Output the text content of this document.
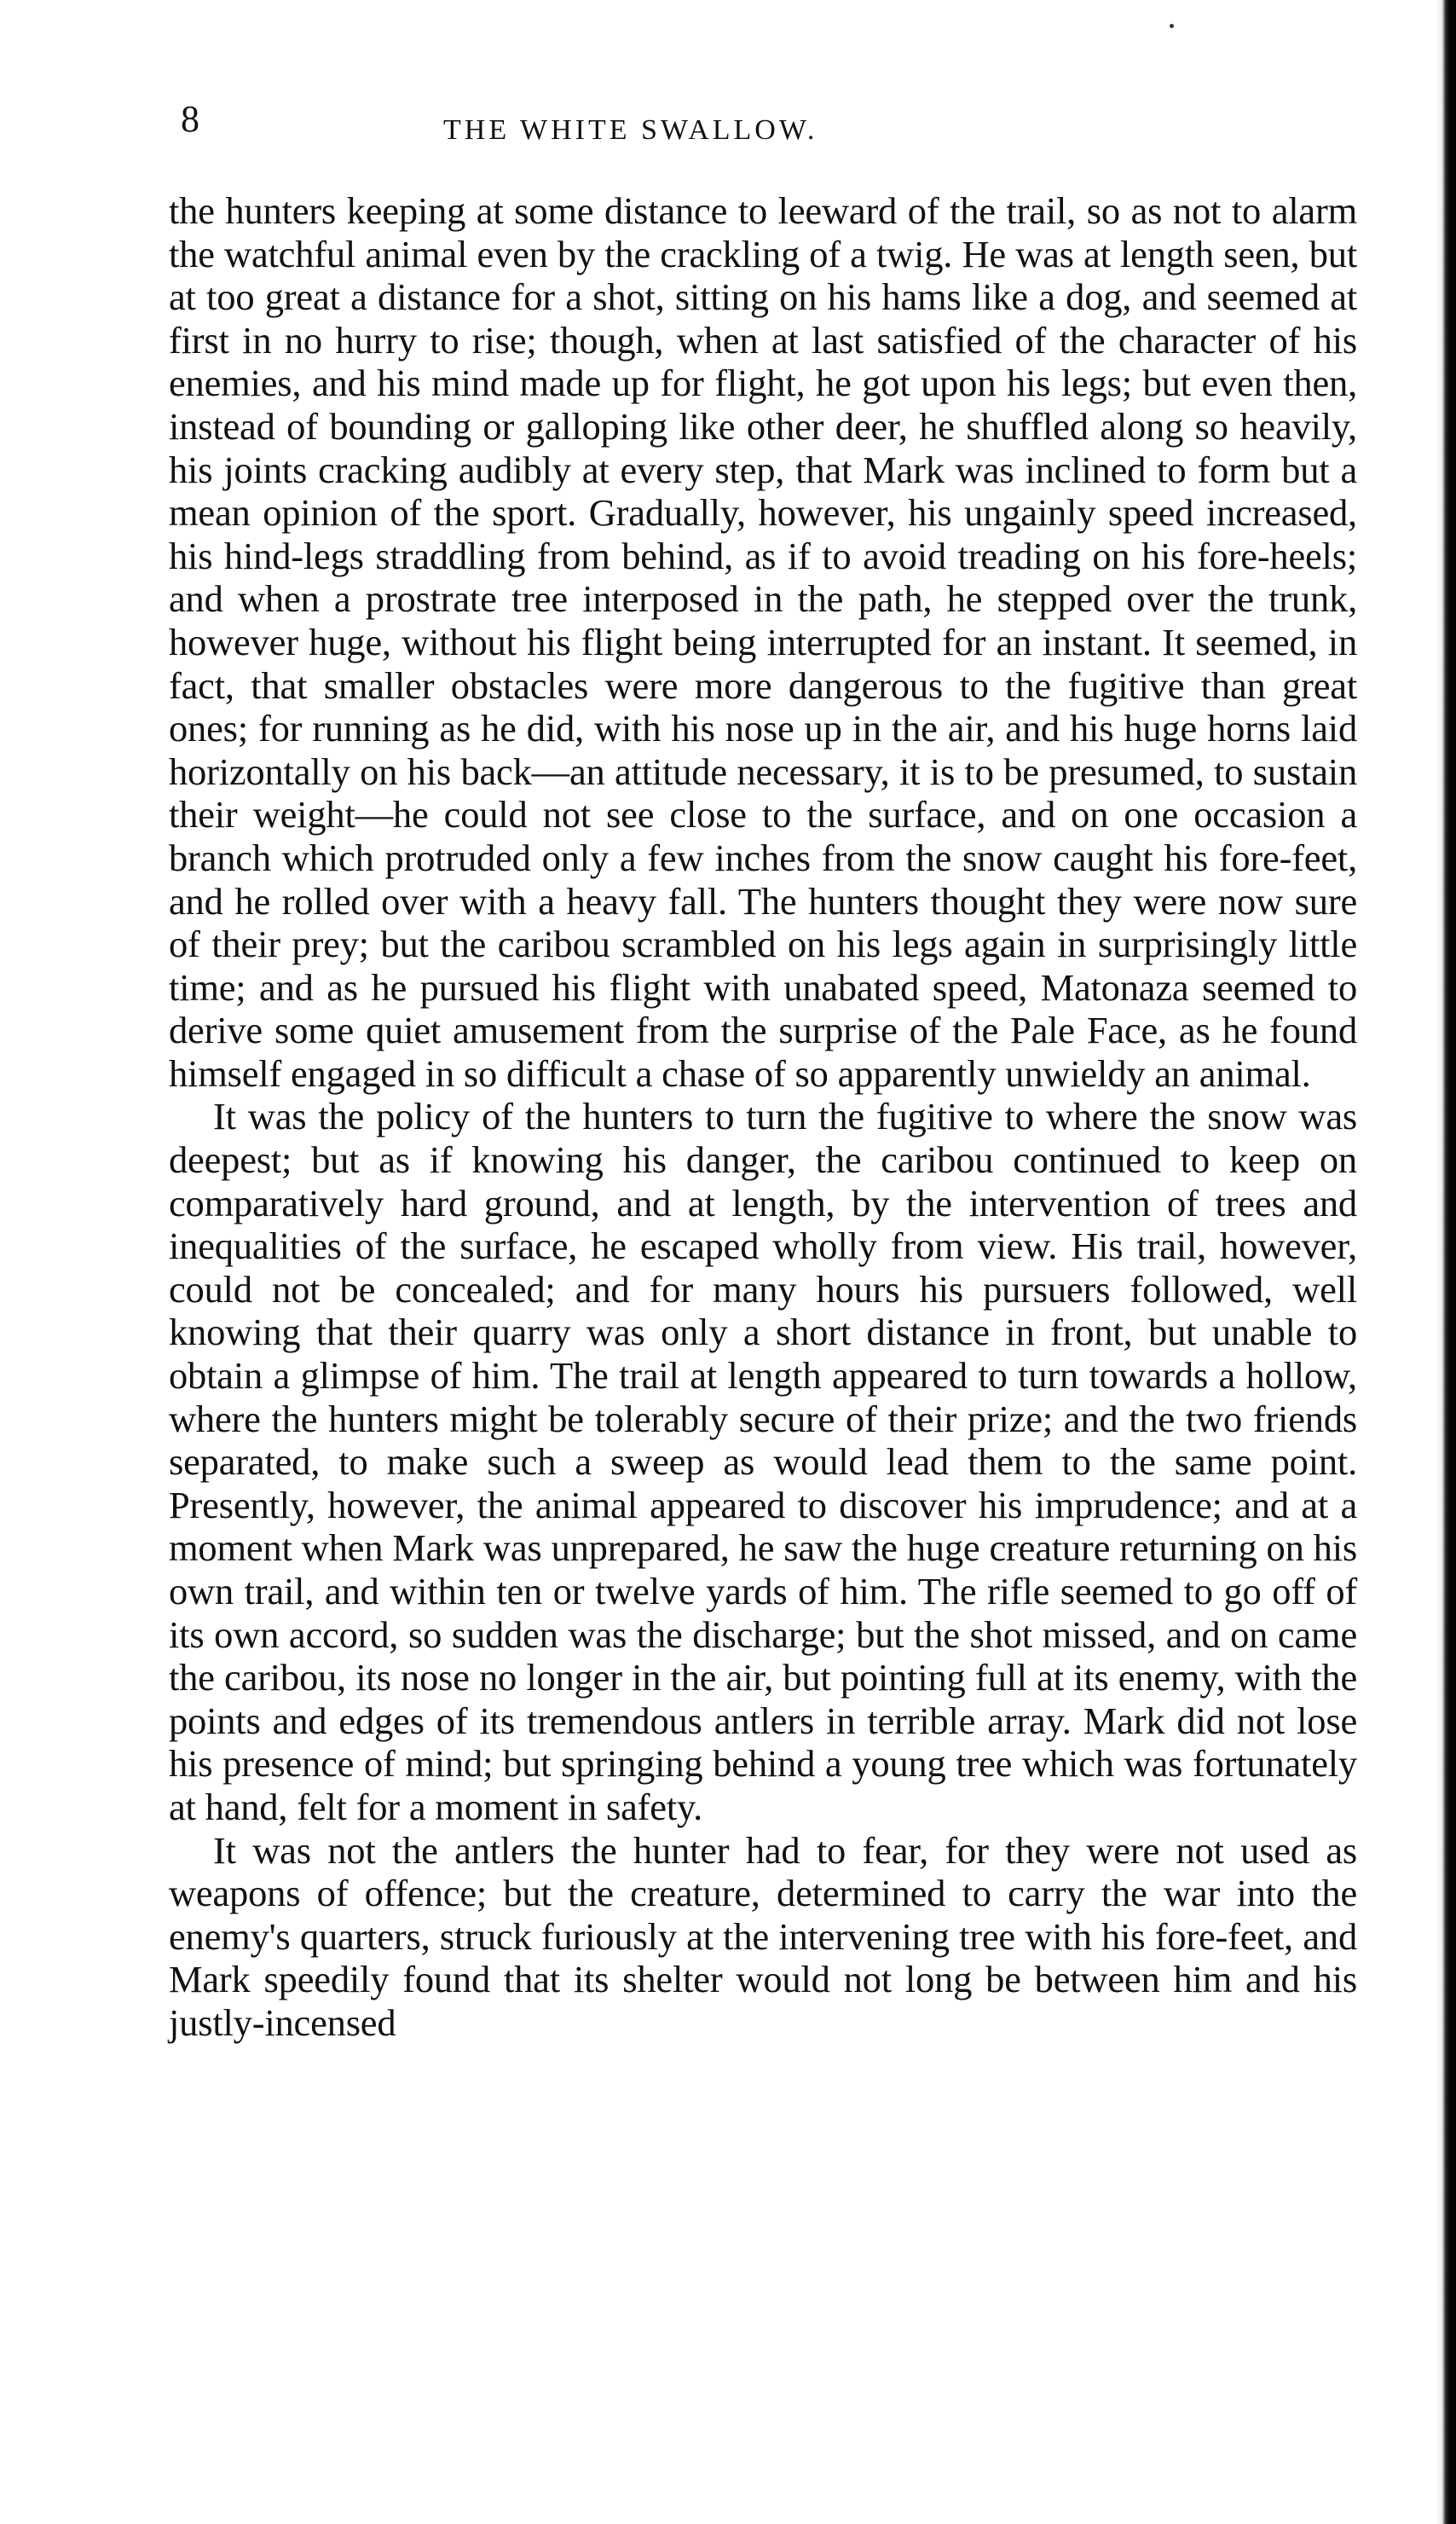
8	THE WHITE SWALLOW.

the hunters keeping at some distance to leeward of the trail, so as not to alarm the watchful animal even by the crackling of a twig. He was at length seen, but at too great a distance for a shot, sitting on his hams like a dog, and seemed at first in no hurry to rise; though, when at last satisfied of the character of his enemies, and his mind made up for flight, he got upon his legs; but even then, instead of bounding or galloping like other deer, he shuffled along so heavily, his joints cracking audibly at every step, that Mark was inclined to form but a mean opinion of the sport. Gradually, however, his ungainly speed increased, his hind-legs straddling from behind, as if to avoid treading on his fore-heels; and when a prostrate tree interposed in the path, he stepped over the trunk, however huge, without his flight being interrupted for an instant. It seemed, in fact, that smaller obstacles were more dangerous to the fugitive than great ones; for running as he did, with his nose up in the air, and his huge horns laid horizontally on his back—an attitude necessary, it is to be presumed, to sustain their weight—he could not see close to the surface, and on one occasion a branch which protruded only a few inches from the snow caught his fore-feet, and he rolled over with a heavy fall. The hunters thought they were now sure of their prey; but the caribou scrambled on his legs again in surprisingly little time; and as he pursued his flight with unabated speed, Matonaza seemed to derive some quiet amusement from the surprise of the Pale Face, as he found himself engaged in so difficult a chase of so apparently unwieldy an animal.

It was the policy of the hunters to turn the fugitive to where the snow was deepest; but as if knowing his danger, the caribou continued to keep on comparatively hard ground, and at length, by the intervention of trees and inequalities of the surface, he escaped wholly from view. His trail, however, could not be concealed; and for many hours his pursuers followed, well knowing that their quarry was only a short distance in front, but unable to obtain a glimpse of him. The trail at length appeared to turn towards a hollow, where the hunters might be tolerably secure of their prize; and the two friends separated, to make such a sweep as would lead them to the same point. Presently, however, the animal appeared to discover his imprudence; and at a moment when Mark was unprepared, he saw the huge creature returning on his own trail, and within ten or twelve yards of him. The rifle seemed to go off of its own accord, so sudden was the discharge; but the shot missed, and on came the caribou, its nose no longer in the air, but pointing full at its enemy, with the points and edges of its tremendous antlers in terrible array. Mark did not lose his presence of mind; but springing behind a young tree which was fortunately at hand, felt for a moment in safety.

It was not the antlers the hunter had to fear, for they were not used as weapons of offence; but the creature, determined to carry the war into the enemy's quarters, struck furiously at the intervening tree with his fore-feet, and Mark speedily found that its shelter would not long be between him and his justly-incensed
